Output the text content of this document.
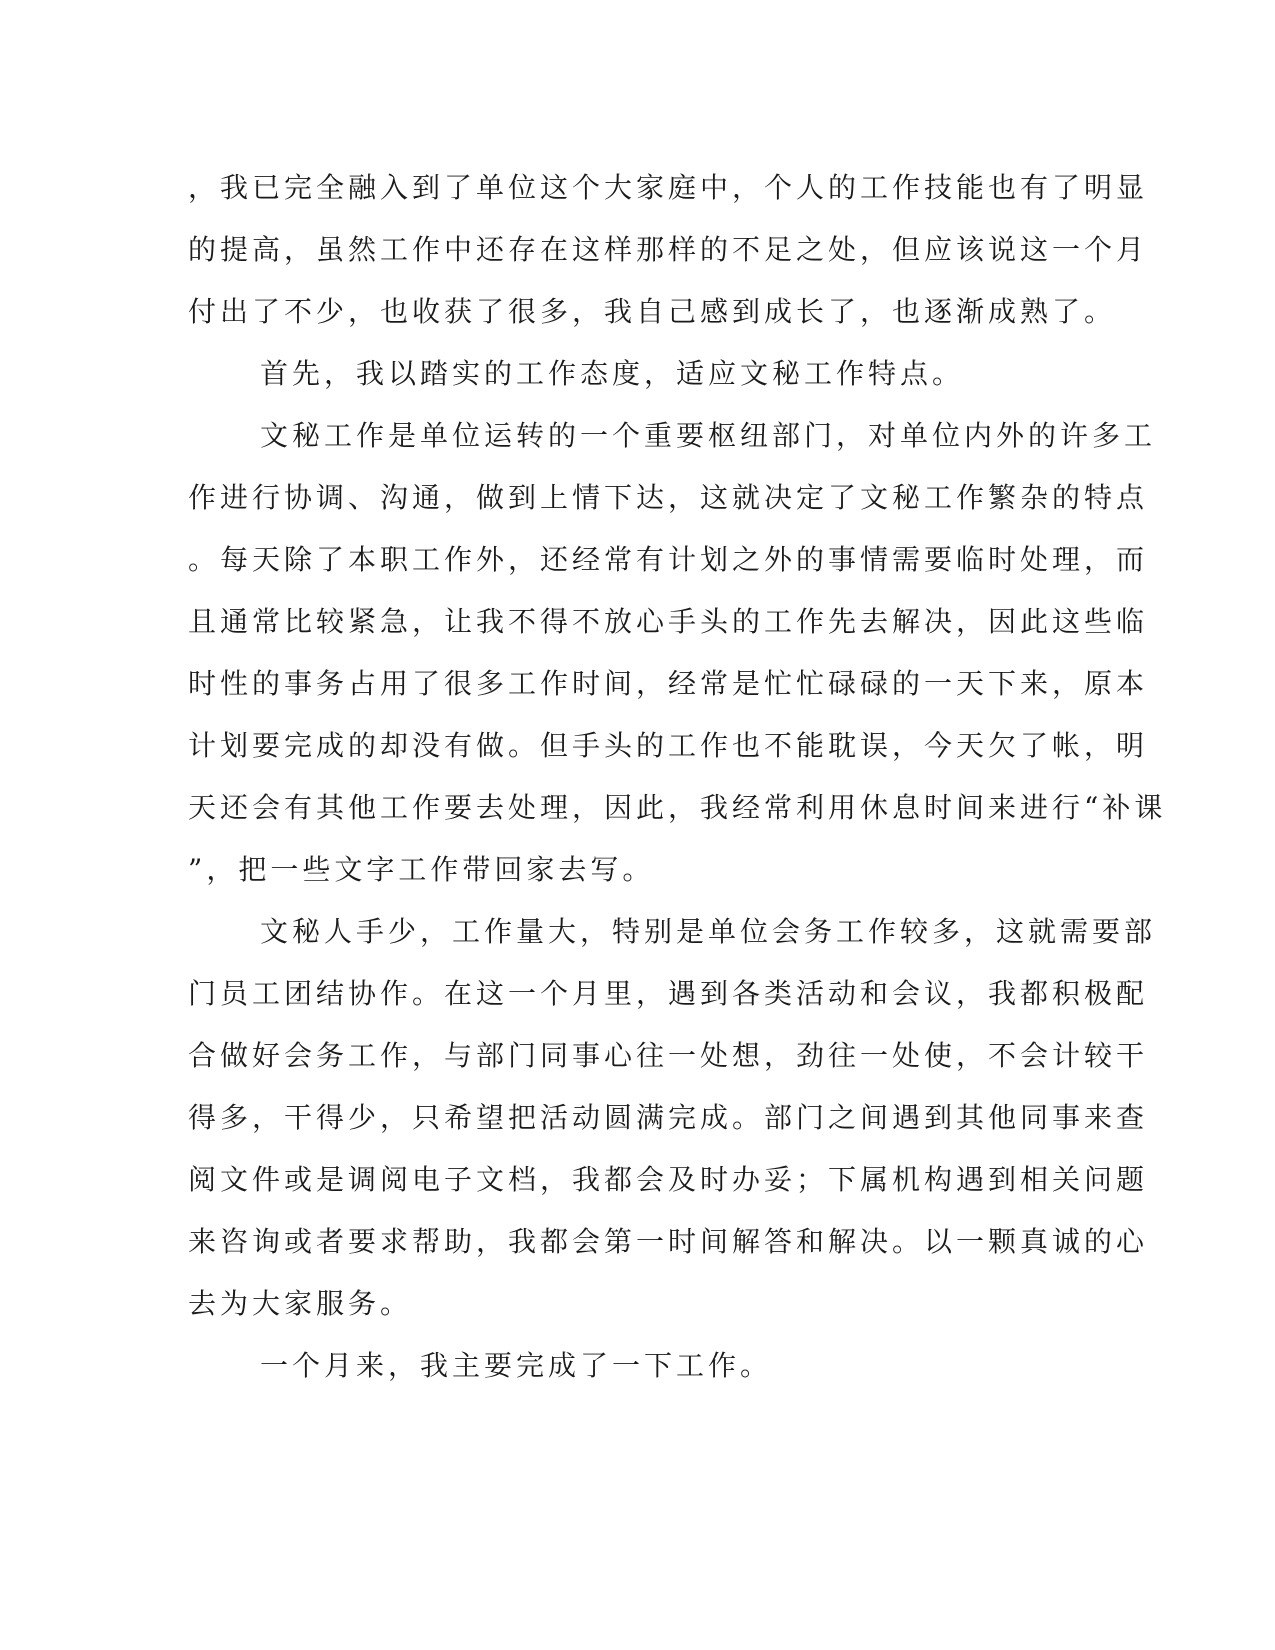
，我已完全融入到了单位这个大家庭中，个人的工作技能也有了明显
的提高，虽然工作中还存在这样那样的不足之处，但应该说这一个月
付出了不少，也收获了很多，我自己感到成长了，也逐渐成熟了。
首先，我以踏实的工作态度，适应文秘工作特点。
文秘工作是单位运转的一个重要枢纽部门，对单位内外的许多工
作进行协调、沟通，做到上情下达，这就决定了文秘工作繁杂的特点
。每天除了本职工作外，还经常有计划之外的事情需要临时处理，而
且通常比较紧急，让我不得不放心手头的工作先去解决，因此这些临
时性的事务占用了很多工作时间，经常是忙忙碌碌的一天下来，原本
计划要完成的却没有做。但手头的工作也不能耽误，今天欠了帐，明
天还会有其他工作要去处理，因此，我经常利用休息时间来进行“补课
”，把一些文字工作带回家去写。
文秘人手少，工作量大，特别是单位会务工作较多，这就需要部
门员工团结协作。在这一个月里，遇到各类活动和会议，我都积极配
合做好会务工作，与部门同事心往一处想，劲往一处使，不会计较干
得多，干得少，只希望把活动圆满完成。部门之间遇到其他同事来查
阅文件或是调阅电子文档，我都会及时办妥；下属机构遇到相关问题
来咨询或者要求帮助，我都会第一时间解答和解决。以一颗真诚的心
去为大家服务。
一个月来，我主要完成了一下工作。
